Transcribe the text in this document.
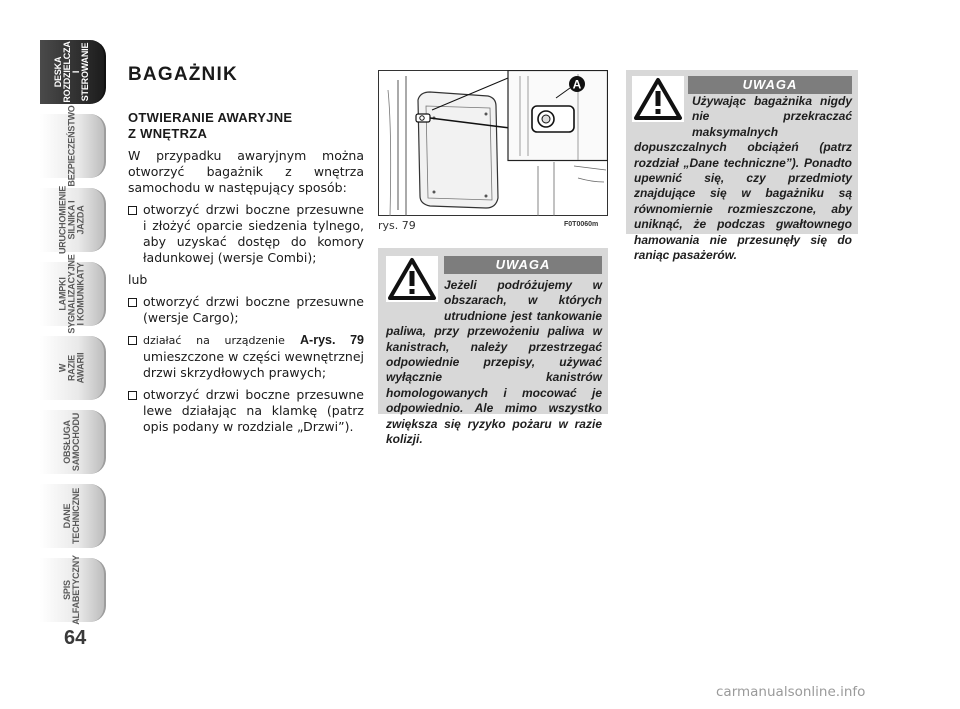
DESKA
ROZDZIELCZA
I STEROWANIE
BEZPIECZEŃSTWO
URUCHOMIENIE
SILNIKA I JAZDA
LAMPKI
SYGNALIZACYJNE
I KOMUNIKATY
W RAZIE
AWARII
OBSŁUGA
SAMOCHODU
DANE
TECHNICZNE
SPIS
ALFABETYCZNY
64
BAGAŻNIK
OTWIERANIE AWARYJNE
Z WNĘTRZA

W przypadku awaryjnym można otworzyć bagażnik z wnętrza samochodu w następujący sposób:

otworzyć drzwi boczne przesuwne i złożyć oparcie siedzenia tylnego, aby uzyskać dostęp do komory ładunkowej (wersje Combi);

lub

otworzyć drzwi boczne przesuwne (wersje Cargo);
działać na urządzenie A-rys. 79 umieszczone w części wewnętrznej drzwi skrzydłowych prawych;
otworzyć drzwi boczne przesuwne lewe działając na klamkę (patrz opis podany w rozdziale „Drzwi”).
A
rys. 79	F0T0060m
UWAGA
Jeżeli podróżujemy w obszarach, w których utrudnione jest tankowanie paliwa, przy przewożeniu paliwa w kanistrach, należy przestrzegać odpowiednie przepisy, używać wyłącznie kanistrów homologowanych i mocować je odpowiednio. Ale mimo wszystko zwiększa się ryzyko pożaru w razie kolizji.
UWAGA
Używając bagażnika nigdy nie przekraczać maksymalnych dopuszczalnych obciążeń (patrz rozdział „Dane techniczne”). Ponadto upewnić się, czy przedmioty znajdujące się w bagażniku są równomiernie rozmieszczone, aby uniknąć, że podczas gwałtownego hamowania nie przesunęły się do raniąc pasażerów.
carmanualsonline.info
